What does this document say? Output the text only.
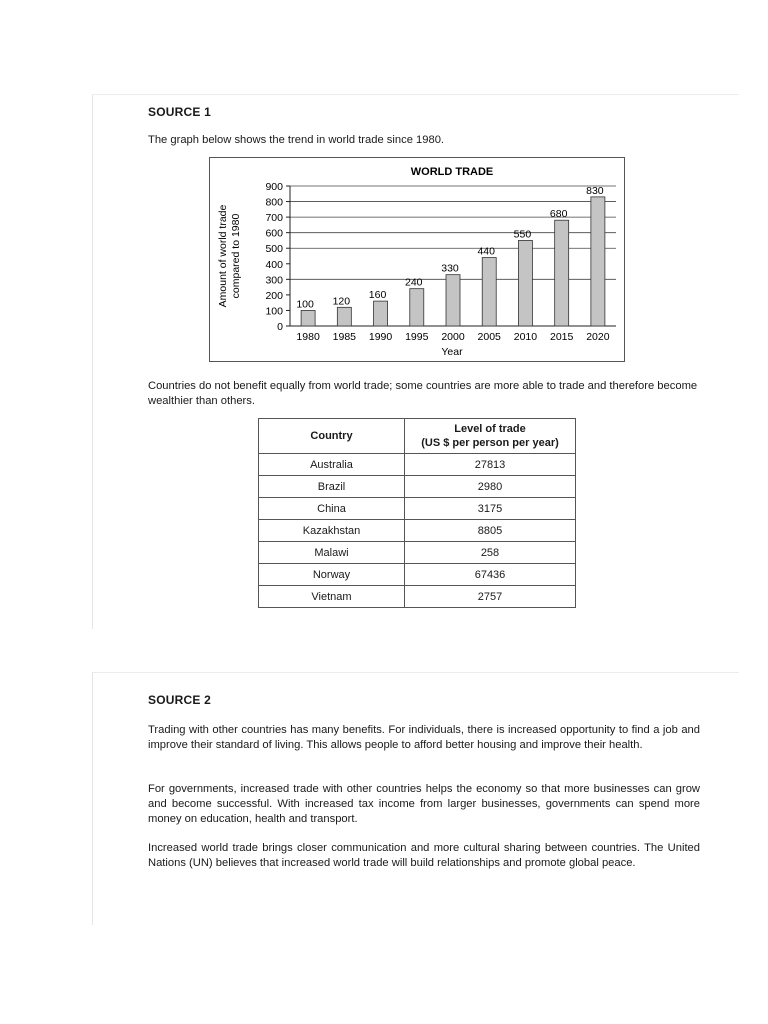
SOURCE 1
The graph below shows the trend in world trade since 1980.
WORLD TRADE
0
100
200
300
400
500
600
700
800
900
100
1980
120
1985
160
1990
240
1995
330
2000
440
2005
550
2010
680
2015
830
2020
Year
Amount of world trade compared to 1980
Countries do not benefit equally from world trade; some countries are more able to trade and therefore become wealthier than others.
Country	Level of trade
(US $ per person per year)

Australia	27813
Brazil	2980
China	3175
Kazakhstan	8805
Malawi	258
Norway	67436
Vietnam	2757
SOURCE 2
Trading with other countries has many benefits. For individuals, there is increased opportunity to find a job and improve their standard of living. This allows people to afford better housing and improve their health.
For governments, increased trade with other countries helps the economy so that more businesses can grow and become successful. With increased tax income from larger businesses, governments can spend more money on education, health and transport.
Increased world trade brings closer communication and more cultural sharing between countries. The United Nations (UN) believes that increased world trade will build relationships and promote global peace.
